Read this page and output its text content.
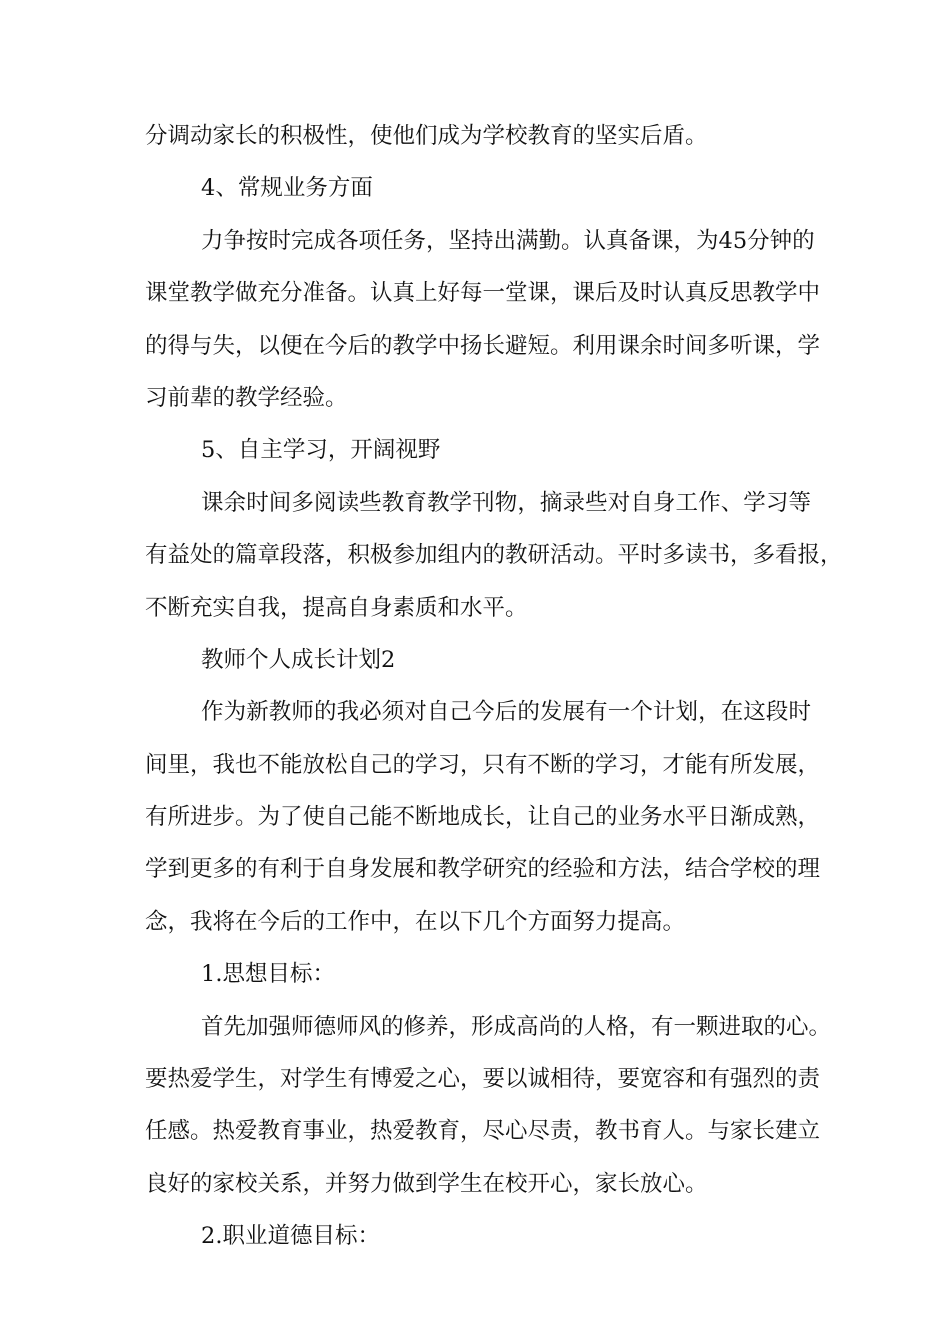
分调动家长的积极性，使他们成为学校教育的坚实后盾。
4、常规业务方面
力争按时完成各项任务，坚持出满勤。认真备课，为45分钟的
课堂教学做充分准备。认真上好每一堂课，课后及时认真反思教学中
的得与失，以便在今后的教学中扬长避短。利用课余时间多听课，学
习前辈的教学经验。
5、自主学习，开阔视野
课余时间多阅读些教育教学刊物，摘录些对自身工作、学习等
有益处的篇章段落，积极参加组内的教研活动。平时多读书，多看报，
不断充实自我，提高自身素质和水平。
教师个人成长计划2
作为新教师的我必须对自己今后的发展有一个计划，在这段时
间里，我也不能放松自己的学习，只有不断的学习，才能有所发展，
有所进步。为了使自己能不断地成长，让自己的业务水平日渐成熟，
学到更多的有利于自身发展和教学研究的经验和方法，结合学校的理
念，我将在今后的工作中，在以下几个方面努力提高。
1.思想目标：
首先加强师德师风的修养，形成高尚的人格，有一颗进取的心。
要热爱学生，对学生有博爱之心，要以诚相待，要宽容和有强烈的责
任感。热爱教育事业，热爱教育，尽心尽责，教书育人。与家长建立
良好的家校关系，并努力做到学生在校开心，家长放心。
2.职业道德目标：
